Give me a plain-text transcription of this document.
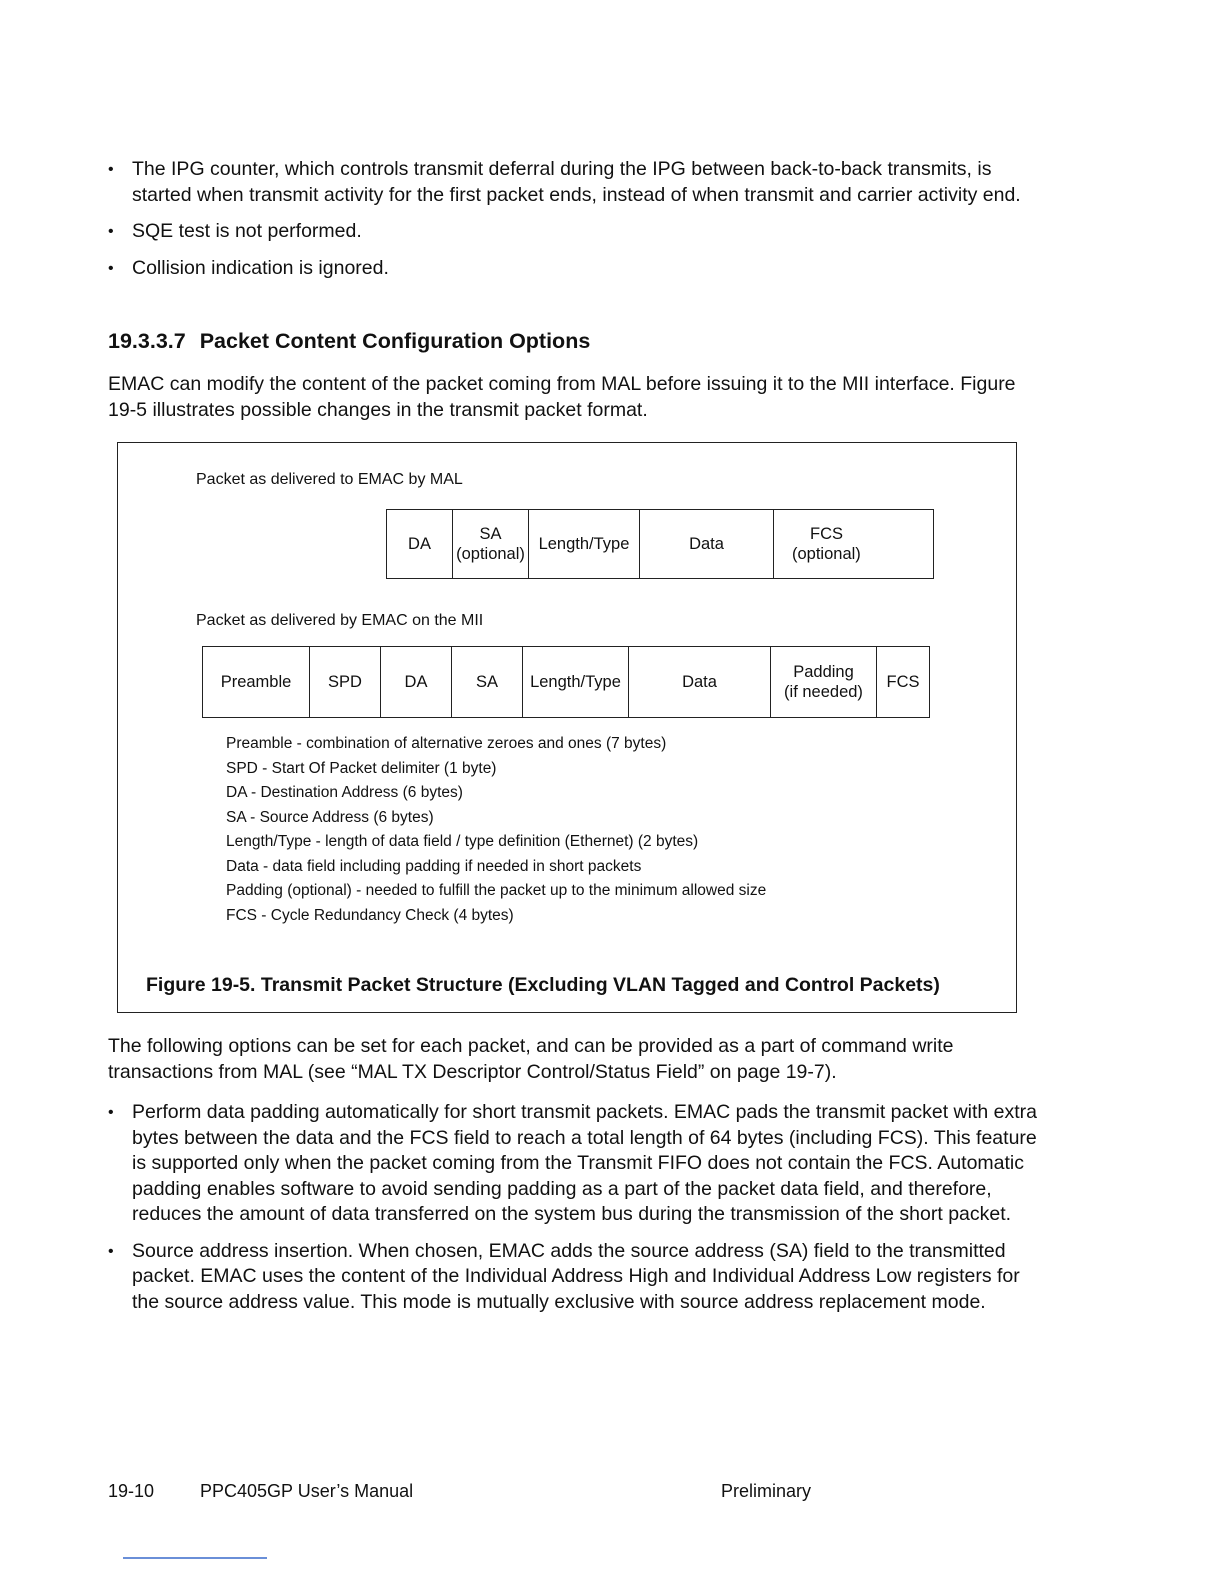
• The IPG counter, which controls transmit deferral during the IPG between back-to-back transmits, is started when transmit activity for the first packet ends, instead of when transmit and carrier activity end.
• SQE test is not performed.
• Collision indication is ignored.
19.3.3.7 Packet Content Configuration Options

EMAC can modify the content of the packet coming from MAL before issuing it to the MII interface. Figure 19-5 illustrates possible changes in the transmit packet format.

Packet as delivered to EMAC by MAL
DA
SA
(optional)
Length/Type	Data
FCS
(optional)
Packet as delivered by EMAC on the MII
Preamble SPD	DA	SA Length/Type	Data
Padding
(if needed)
FCS
Preamble - combination of alternative zeroes and ones (7 bytes)
SPD - Start Of Packet delimiter (1 byte)
DA - Destination Address (6 bytes)
SA - Source Address (6 bytes)
Length/Type - length of data field / type definition (Ethernet) (2 bytes)
Data - data field including padding if needed in short packets
Padding (optional) - needed to fulfill the packet up to the minimum allowed size
FCS - Cycle Redundancy Check (4 bytes)
Figure 19-5. Transmit Packet Structure (Excluding VLAN Tagged and Control Packets)

The following options can be set for each packet, and can be provided as a part of command write transactions from MAL (see “MAL TX Descriptor Control/Status Field” on page 19-7).

• Perform data padding automatically for short transmit packets. EMAC pads the transmit packet with extra bytes between the data and the FCS field to reach a total length of 64 bytes (including FCS). This feature is supported only when the packet coming from the Transmit FIFO does not contain the FCS. Automatic padding enables software to avoid sending padding as a part of the packet data field, and therefore, reduces the amount of data transferred on the system bus during the transmission of the short packet.
• Source address insertion. When chosen, EMAC adds the source address (SA) field to the transmitted packet. EMAC uses the content of the Individual Address High and Individual Address Low registers for the source address value. This mode is mutually exclusive with source address replacement mode.
19-10	PPC405GP User’s Manual	Preliminary
